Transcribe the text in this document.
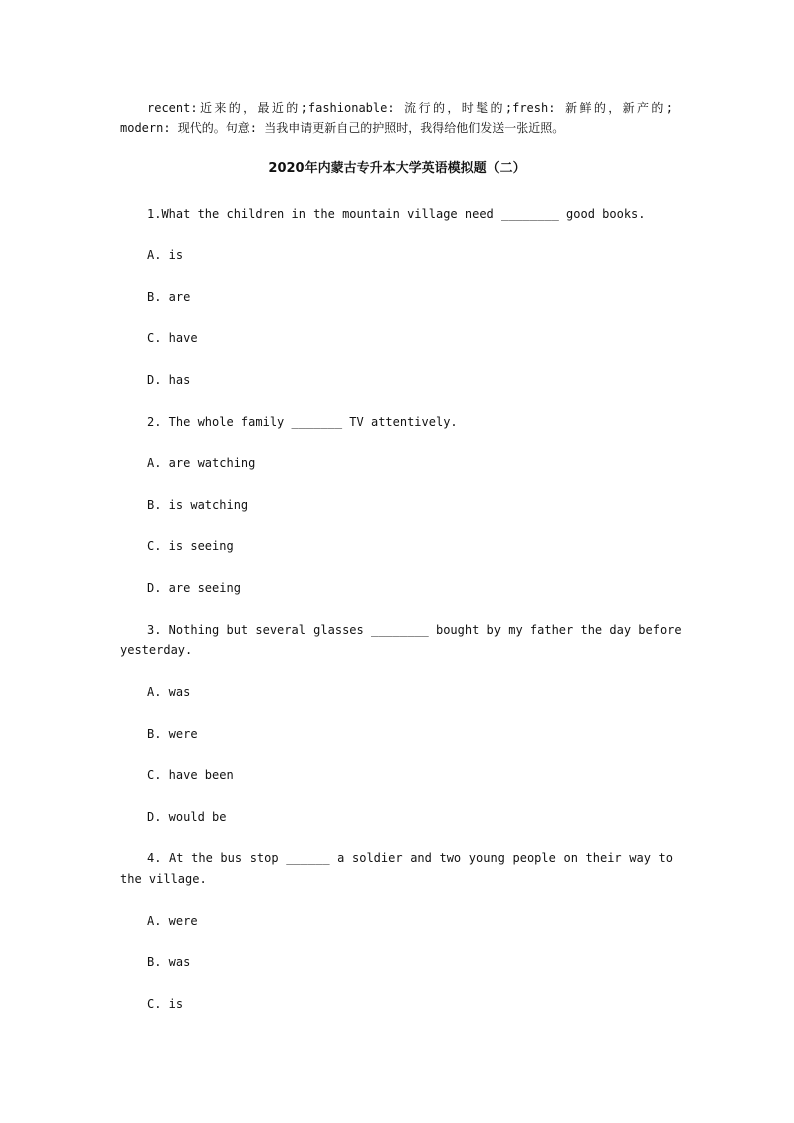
recent:近来的，最近的;fashionable: 流行的，时髦的;fresh: 新鲜的，新产的;
modern: 现代的。句意: 当我申请更新自己的护照时，我得给他们发送一张近照。
2020年内蒙古专升本大学英语模拟题（二）
1.What the children in the mountain village need ________ good books.
A. is
B. are
C. have
D. has
2. The whole family _______ TV attentively.
A. are watching
B. is watching
C. is seeing
D. are seeing
3. Nothing but several glasses ________ bought by my father the day before
yesterday.
A. was
B. were
C. have been
D. would be
4. At the bus stop ______ a soldier and two young people on their way to
the village.
A. were
B. was
C. is
